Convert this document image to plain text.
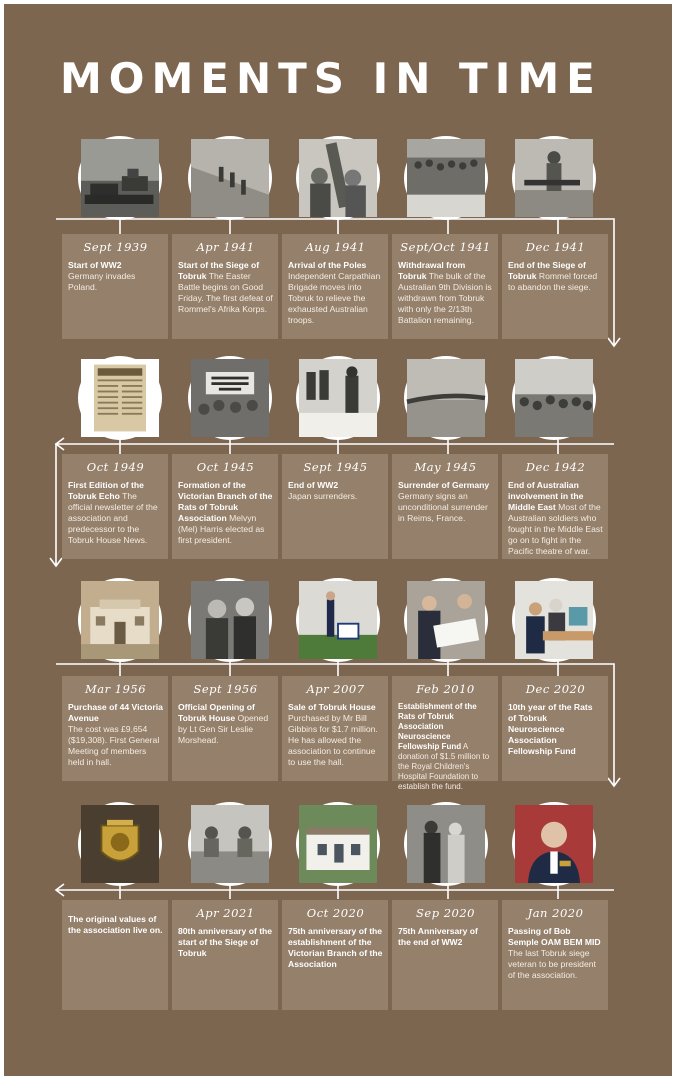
MOMENTS IN TIME
Sept 1939
Start of WW2
Germany invades Poland.
Apr 1941
Start of the Siege of Tobruk The Easter Battle begins on Good Friday. The first defeat of Rommel's Afrika Korps.
Aug 1941
Arrival of the Poles
Independent Carpathian Brigade moves into Tobruk to relieve the exhausted Australian troops.
Sept/Oct 1941
Withdrawal from Tobruk The bulk of the Australian 9th Division is withdrawn from Tobruk with only the 2/13th Battalion remaining.
Dec 1941
End of the Siege of Tobruk Rommel forced to abandon the siege.
Oct 1949
First Edition of the Tobruk Echo The official newsletter of the association and predecessor to the Tobruk House News.
Oct 1945
Formation of the Victorian Branch of the Rats of Tobruk Association Melvyn (Mel) Harris elected as first president.
Sept 1945
End of WW2
Japan surrenders.
May 1945
Surrender of Germany
Germany signs an unconditional surrender in Reims, France.
Dec 1942
End of Australian involvement in the Middle East Most of the Australian soldiers who fought in the Middle East go on to fight in the Pacific theatre of war.
Mar 1956
Purchase of 44 Victoria Avenue
The cost was £9,654 ($19,308). First General Meeting of members held in hall.
Sept 1956
Official Opening of Tobruk House Opened by Lt Gen Sir Leslie Morshead.
Apr 2007
Sale of Tobruk House
Purchased by Mr Bill Gibbins for $1.7 million. He has allowed the association to continue to use the hall.
Feb 2010
Establishment of the Rats of Tobruk Association Neuroscience Fellowship Fund A donation of $1.5 million to the Royal Children's Hospital Foundation to establish the fund.
Dec 2020
10th year of the Rats of Tobruk Neuroscience Association Fellowship Fund
The original values of the association live on.
Apr 2021
80th anniversary of the start of the Siege of Tobruk
Oct 2020
75th anniversary of the establishment of the Victorian Branch of the Association
Sep 2020
75th Anniversary of the end of WW2
Jan 2020
Passing of Bob Semple OAM BEM MID
The last Tobruk siege veteran to be president of the association.
